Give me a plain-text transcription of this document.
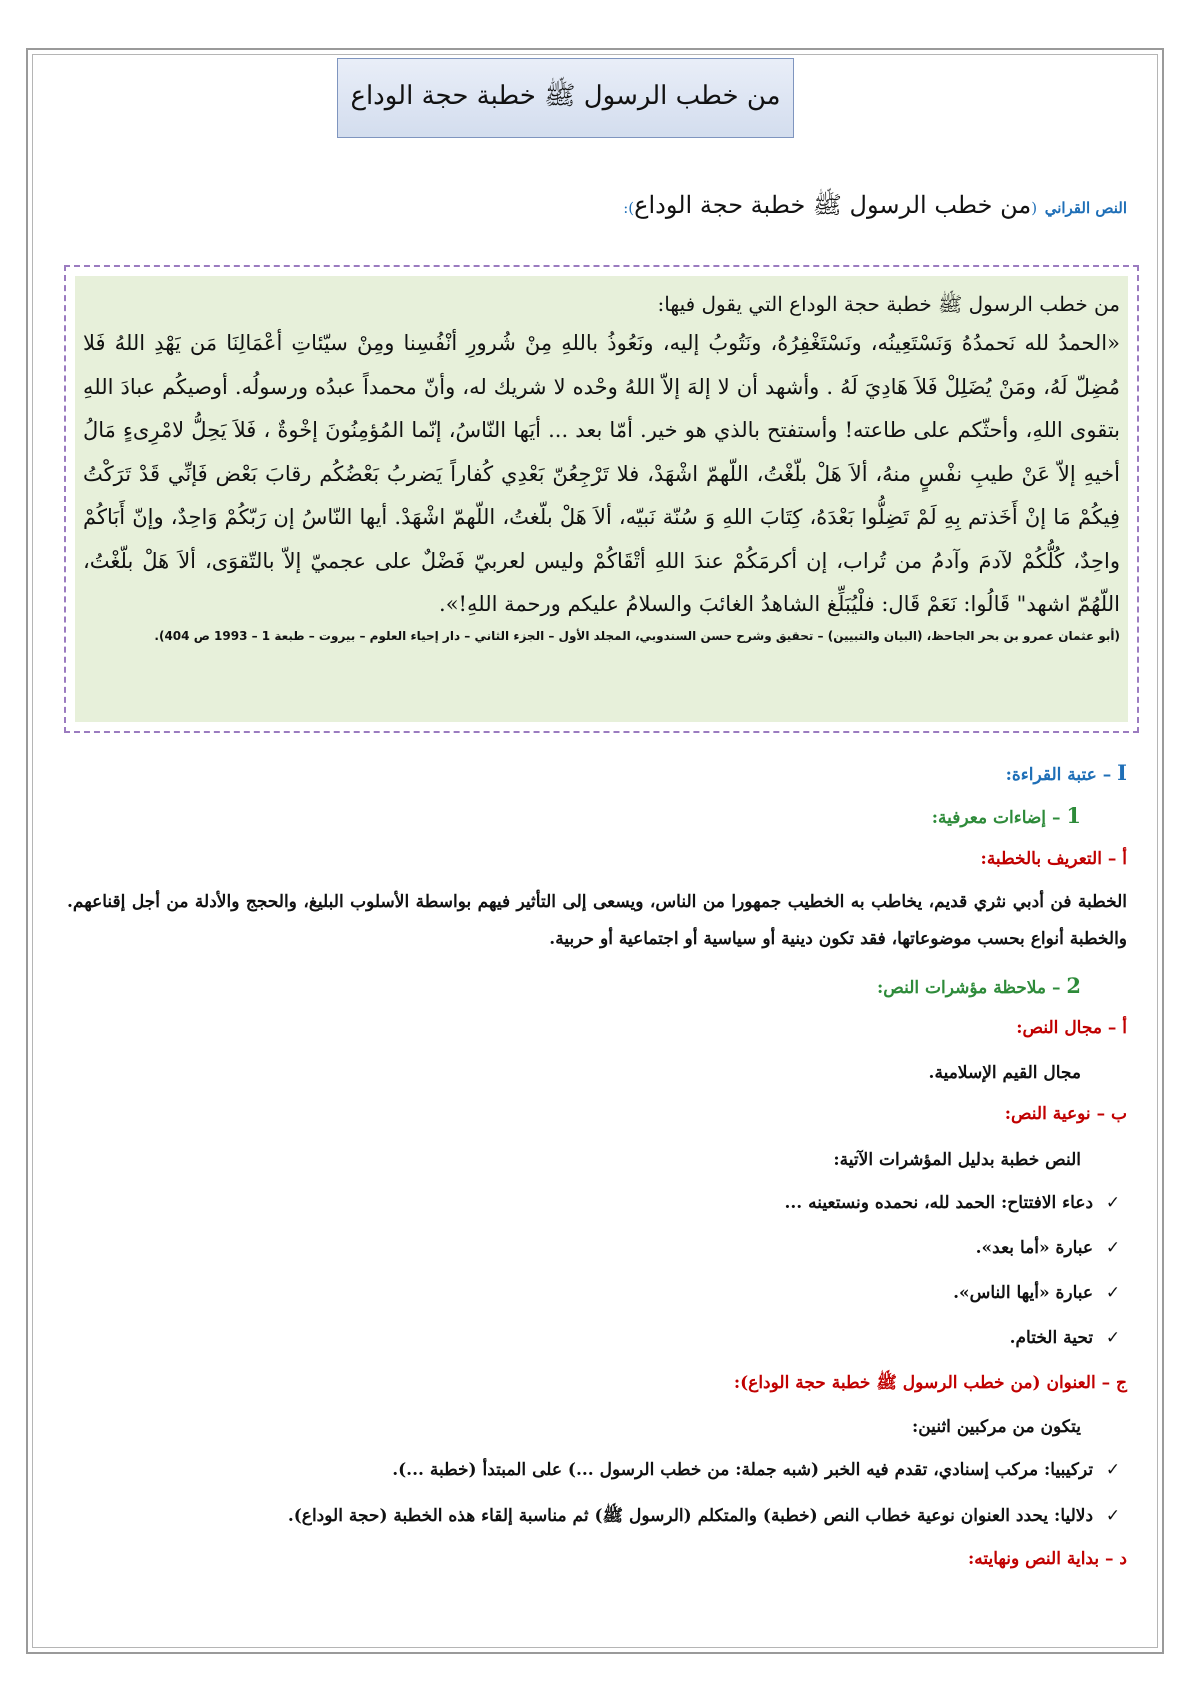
من خطب الرسول ﷺ خطبة حجة الوداع
النص القراني (من خطب الرسول ﷺ خطبة حجة الوداع):
من خطب الرسول ﷺ خطبة حجة الوداع التي يقول فيها:
«الحمدُ لله نَحمدُهُ وَنَسْتَعِينُه، ونَسْتَغْفِرُهُ، ونَتُوبُ إليه، ونَعُوذُ باللهِ مِنْ شُرورِ أنْفُسِنا ومِنْ سيّئاتِ أعْمَالِنَا مَن يَهْدِ اللهُ فَلا مُضِلّ لَهُ، ومَنْ يُضَلِلْ فَلاَ هَادِيَ لَهُ . وأشهد أن لا إلهَ إلاّ اللهُ وحْده لا شريك له، وأنّ محمداً عبدُه ورسولُه. أوصيكُم عبادَ اللهِ بتقوى اللهِ، وأحثّكم على طاعته! وأستفتح بالذي هو خير. أمّا بعد ... أيَها النّاسُ، إنّما المُؤمِنُونَ إخْوةٌ ، فَلاَ يَحِلُّ لامْرِىءٍ مَالُ أخيهِ إلاّ عَنْ طيبِ نفْسٍ منهُ، ألاَ هَلْ بلّغْتُ، اللّهمّ اشْهَدْ، فلا تَرْجِعُنّ بَعْدِي كُفاراً يَضربُ بَعْضُكُم رقابَ بَعْض فَإنِّي قَدْ تَرَكْتُ فِيكُمْ مَا إنْ أَخَذتم بِهِ لَمْ تَضِلُّوا بَعْدَهُ، كِتَابَ اللهِ وَ سُنّة نَبيّه، ألاَ هَلْ بلّغتُ، اللّهمّ اشْهَدْ. أيها النّاسُ إن رَبّكُمْ وَاحِدٌ، وإنّ أَبَاكُمْ واحِدٌ، كُلُّكُمْ لآدمَ وآدمُ من تُراب، إن أكرمَكُمْ عندَ اللهِ أتْقَاكُمْ وليس لعربيّ فَضْلٌ على عجميّ إلاّ بالتّقوَى، ألاَ هَلْ بلّغْتُ، اللّهُمّ اشهد" قَالُوا: نَعَمْ قَال: فلْيُبَلِّغ الشاهدُ الغائبَ والسلامُ عليكم ورحمة اللهِ!».
(أبو عثمان عمرو بن بحر الجاحظ، (البيان والتبيين) – تحقيق وشرح حسن السندوبي، المجلد الأول – الجزء الثاني – دار إحياء العلوم – بيروت – طبعة 1 – 1993 ص 404).
I – عتبة القراءة:
1 – إضاءات معرفية:
أ – التعريف بالخطبة:
الخطبة فن أدبي نثري قديم، يخاطب به الخطيب جمهورا من الناس، ويسعى إلى التأثير فيهم بواسطة الأسلوب البليغ، والحجج والأدلة من أجل إقناعهم. والخطبة أنواع بحسب موضوعاتها، فقد تكون دينية أو سياسية أو اجتماعية أو حربية.
2 – ملاحظة مؤشرات النص:
أ – مجال النص:
مجال القيم الإسلامية.
ب – نوعية النص:
النص خطبة بدليل المؤشرات الآتية:
✓ دعاء الافتتاح: الحمد لله، نحمده ونستعينه ...
✓ عبارة «أما بعد».
✓ عبارة «أيها الناس».
✓ تحية الختام.
ج – العنوان (من خطب الرسول ﷺ خطبة حجة الوداع):
يتكون من مركبين اثنين:
✓ تركيبيا: مركب إسنادي، تقدم فيه الخبر (شبه جملة: من خطب الرسول ...) على المبتدأ (خطبة ...).
✓ دلاليا: يحدد العنوان نوعية خطاب النص (خطبة) والمتكلم (الرسول ﷺ) ثم مناسبة إلقاء هذه الخطبة (حجة الوداع).
د – بداية النص ونهايته:
